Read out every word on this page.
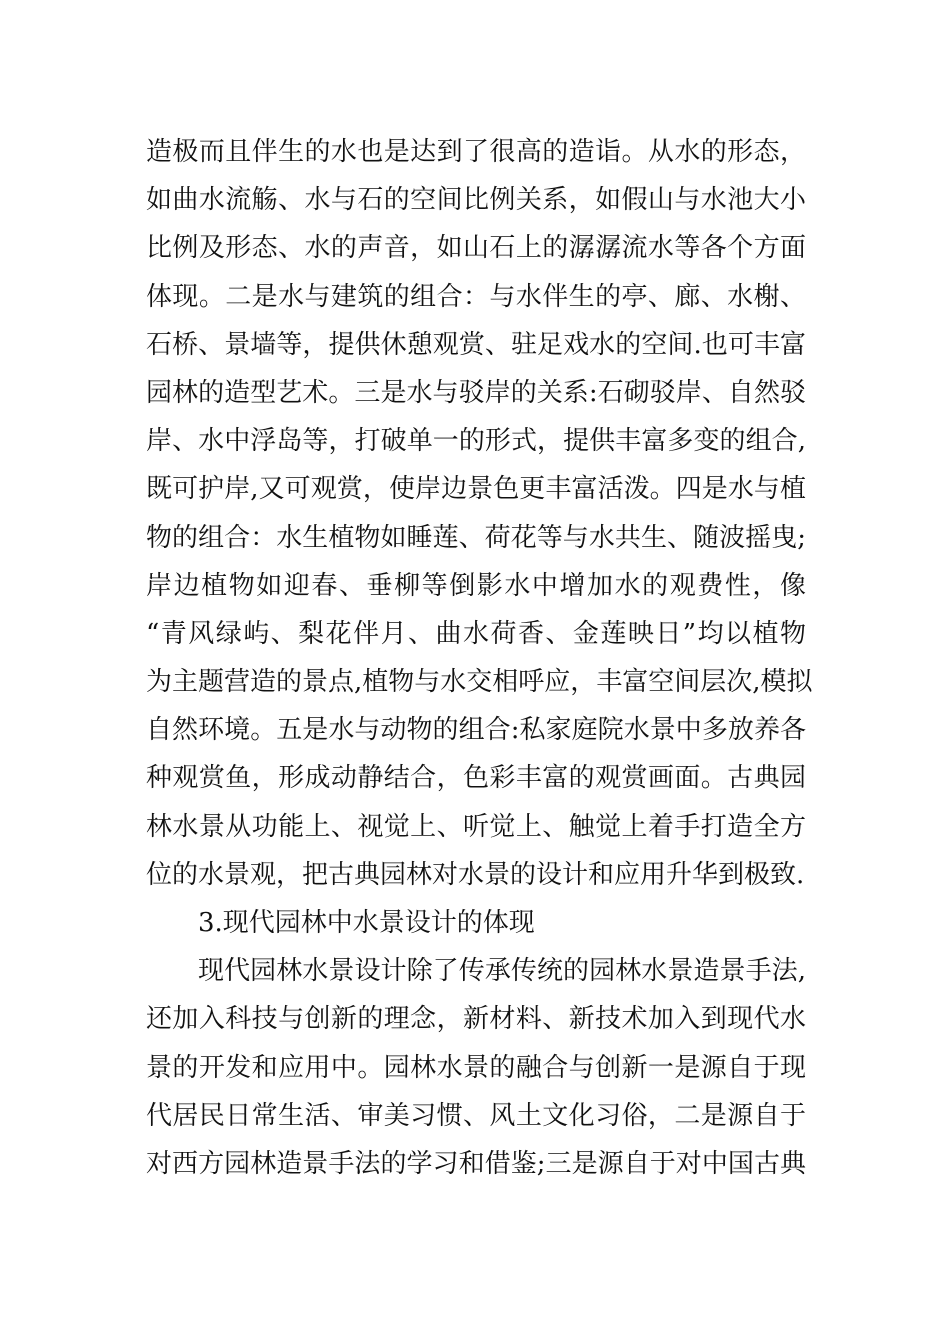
造极而且伴生的水也是达到了很高的造诣。从水的形态，
如曲水流觞、水与石的空间比例关系，如假山与水池大小
比例及形态、水的声音，如山石上的潺潺流水等各个方面
体现。二是水与建筑的组合：与水伴生的亭、廊、水榭、
石桥、景墙等，提供休憩观赏、驻足戏水的空间.也可丰富
园林的造型艺术。三是水与驳岸的关系:石砌驳岸、自然驳
岸、水中浮岛等，打破单一的形式，提供丰富多变的组合,
既可护岸,又可观赏，使岸边景色更丰富活泼。四是水与植
物的组合：水生植物如睡莲、荷花等与水共生、随波摇曳;
岸边植物如迎春、垂柳等倒影水中增加水的观费性，像
“青风绿屿、梨花伴月、曲水荷香、金莲映日”均以植物
为主题营造的景点,植物与水交相呼应，丰富空间层次,模拟
自然环境。五是水与动物的组合:私家庭院水景中多放养各
种观赏鱼，形成动静结合，色彩丰富的观赏画面。古典园
林水景从功能上、视觉上、听觉上、触觉上着手打造全方
位的水景观，把古典园林对水景的设计和应用升华到极致.
3.现代园林中水景设计的体现
现代园林水景设计除了传承传统的园林水景造景手法,
还加入科技与创新的理念，新材料、新技术加入到现代水
景的开发和应用中。园林水景的融合与创新一是源自于现
代居民日常生活、审美习惯、风土文化习俗，二是源自于
对西方园林造景手法的学习和借鉴;三是源自于对中国古典
